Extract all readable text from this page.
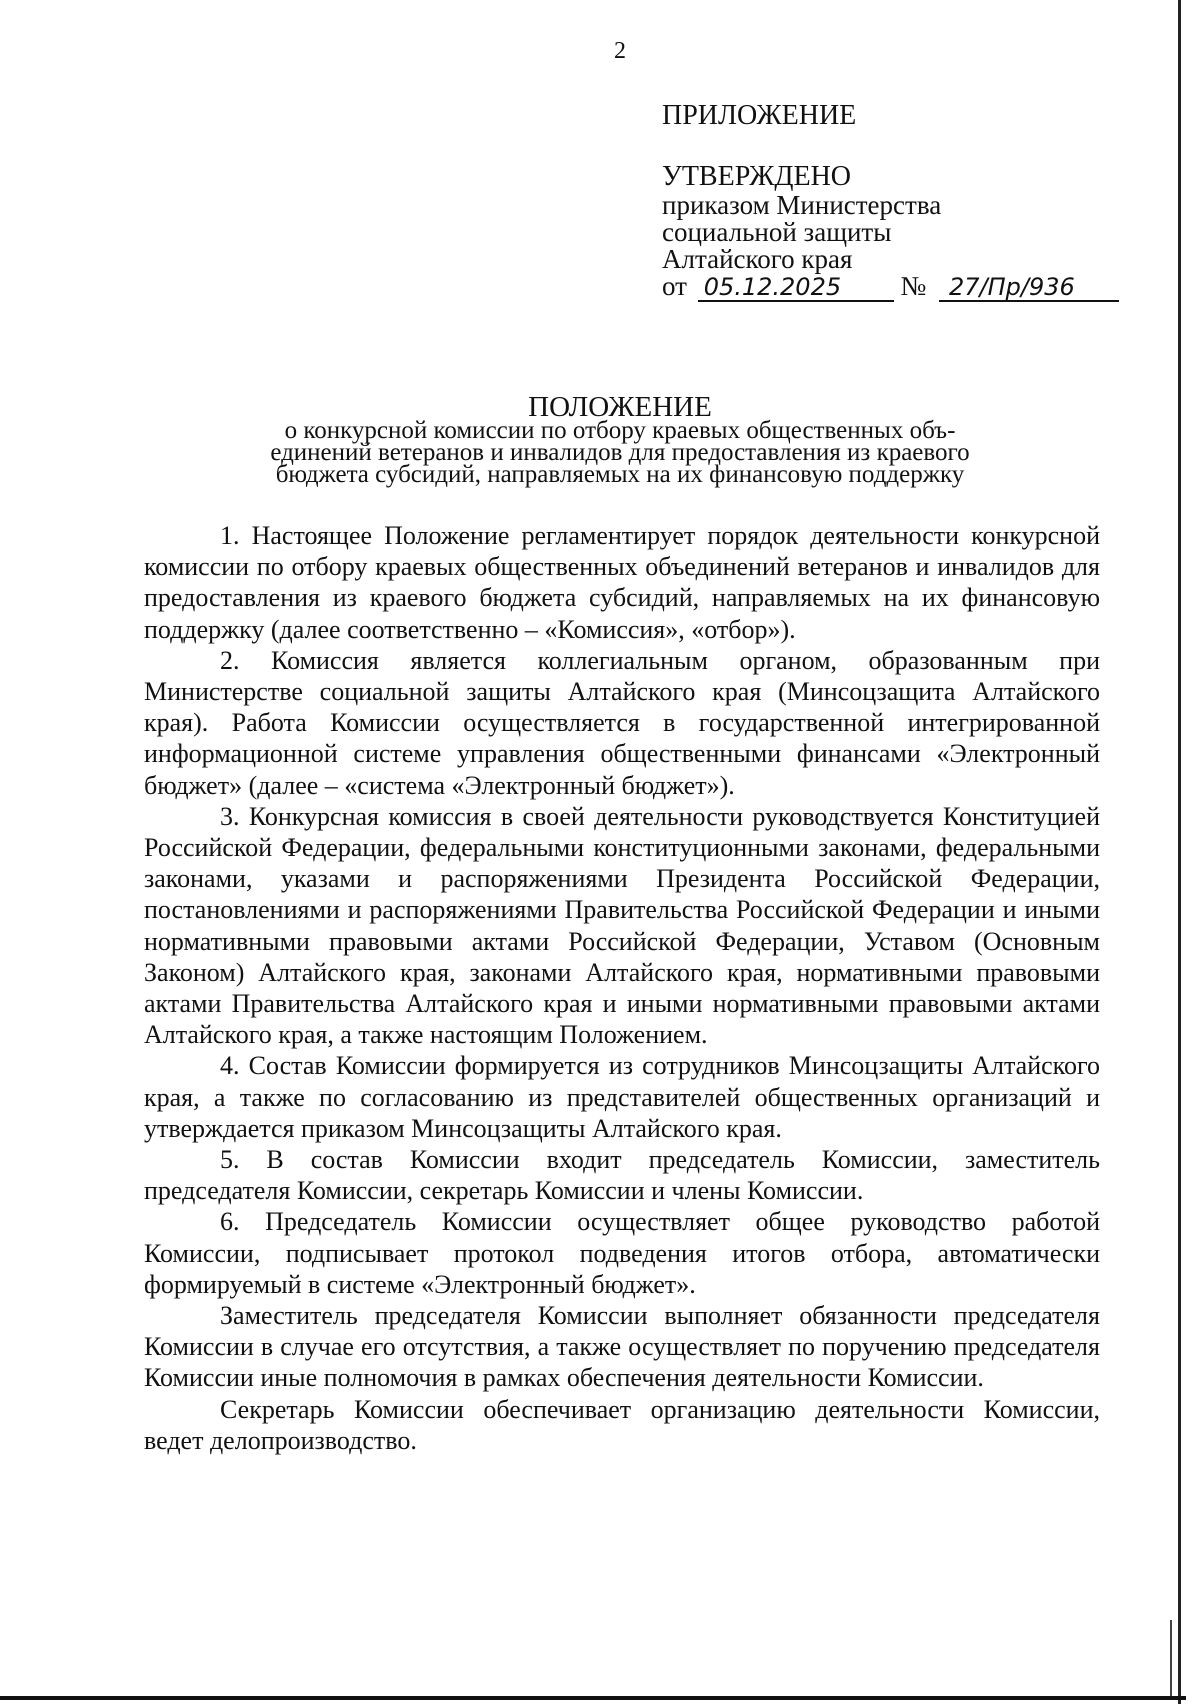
2
ПРИЛОЖЕНИЕ
УТВЕРЖДЕНО
приказом Министерства
социальной защиты
Алтайского края
от 05.12.2025 № 27/Пр/936
ПОЛОЖЕНИЕ
о конкурсной комиссии по отбору краевых общественных объ-
единений ветеранов и инвалидов для предоставления из краевого
бюджета субсидий, направляемых на их финансовую поддержку

1. Настоящее Положение регламентирует порядок деятельности конкурсной комиссии по отбору краевых общественных объединений ветеранов и инвалидов для предоставления из краевого бюджета субсидий, направляемых на их финансовую поддержку (далее соответственно – «Комиссия», «отбор»).

2. Комиссия является коллегиальным органом, образованным при Министерстве социальной защиты Алтайского края (Минсоцзащита Алтайского края). Работа Комиссии осуществляется в государственной интегрированной информационной системе управления общественными финансами «Электронный бюджет» (далее – «система «Электронный бюджет»).

3. Конкурсная комиссия в своей деятельности руководствуется Конституцией Российской Федерации, федеральными конституционными законами, федеральными законами, указами и распоряжениями Президента Российской Федерации, постановлениями и распоряжениями Правительства Российской Федерации и иными нормативными правовыми актами Российской Федерации, Уставом (Основным Законом) Алтайского края, законами Алтайского края, нормативными правовыми актами Правительства Алтайского края и иными нормативными правовыми актами Алтайского края, а также настоящим Положением.

4. Состав Комиссии формируется из сотрудников Минсоцзащиты Алтайского края, а также по согласованию из представителей общественных организаций и утверждается приказом Минсоцзащиты Алтайского края.

5. В состав Комиссии входит председатель Комиссии, заместитель председателя Комиссии, секретарь Комиссии и члены Комиссии.

6. Председатель Комиссии осуществляет общее руководство работой Комиссии, подписывает протокол подведения итогов отбора, автоматически формируемый в системе «Электронный бюджет».

Заместитель председателя Комиссии выполняет обязанности председателя Комиссии в случае его отсутствия, а также осуществляет по поручению председателя Комиссии иные полномочия в рамках обеспечения деятельности Комиссии.

Секретарь Комиссии обеспечивает организацию деятельности Комиссии, ведет делопроизводство.
